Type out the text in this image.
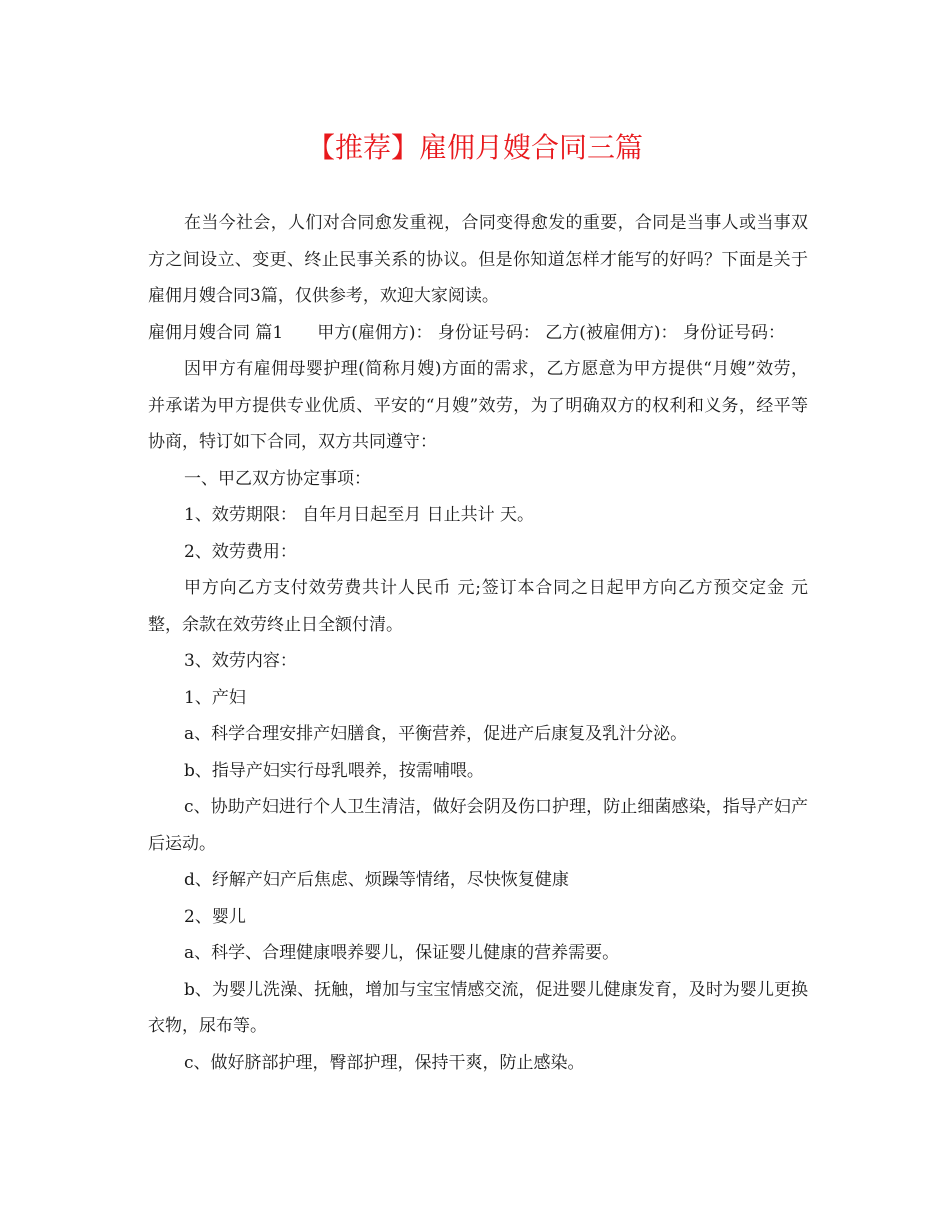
【推荐】雇佣月嫂合同三篇

在当今社会，人们对合同愈发重视，合同变得愈发的重要，合同是当事人或当事双方之间设立、变更、终止民事关系的协议。但是你知道怎样才能写的好吗？下面是关于雇佣月嫂合同3篇，仅供参考，欢迎大家阅读。

雇佣月嫂合同 篇1　　甲方(雇佣方)： 身份证号码： 乙方(被雇佣方)： 身份证号码：

因甲方有雇佣母婴护理(简称月嫂)方面的需求，乙方愿意为甲方提供“月嫂”效劳，并承诺为甲方提供专业优质、平安的“月嫂”效劳，为了明确双方的权利和义务，经平等协商，特订如下合同，双方共同遵守：

一、甲乙双方协定事项：

1、效劳期限： 自年月日起至月 日止共计 天。

2、效劳费用：

甲方向乙方支付效劳费共计人民币 元;签订本合同之日起甲方向乙方预交定金 元整，余款在效劳终止日全额付清。

3、效劳内容：

1、产妇

a、科学合理安排产妇膳食，平衡营养，促进产后康复及乳汁分泌。

b、指导产妇实行母乳喂养，按需哺喂。

c、协助产妇进行个人卫生清洁，做好会阴及伤口护理，防止细菌感染，指导产妇产后运动。

d、纾解产妇产后焦虑、烦躁等情绪，尽快恢复健康

2、婴儿

a、科学、合理健康喂养婴儿，保证婴儿健康的营养需要。

b、为婴儿洗澡、抚触，增加与宝宝情感交流，促进婴儿健康发育，及时为婴儿更换衣物，尿布等。

c、做好脐部护理，臀部护理，保持干爽，防止感染。
